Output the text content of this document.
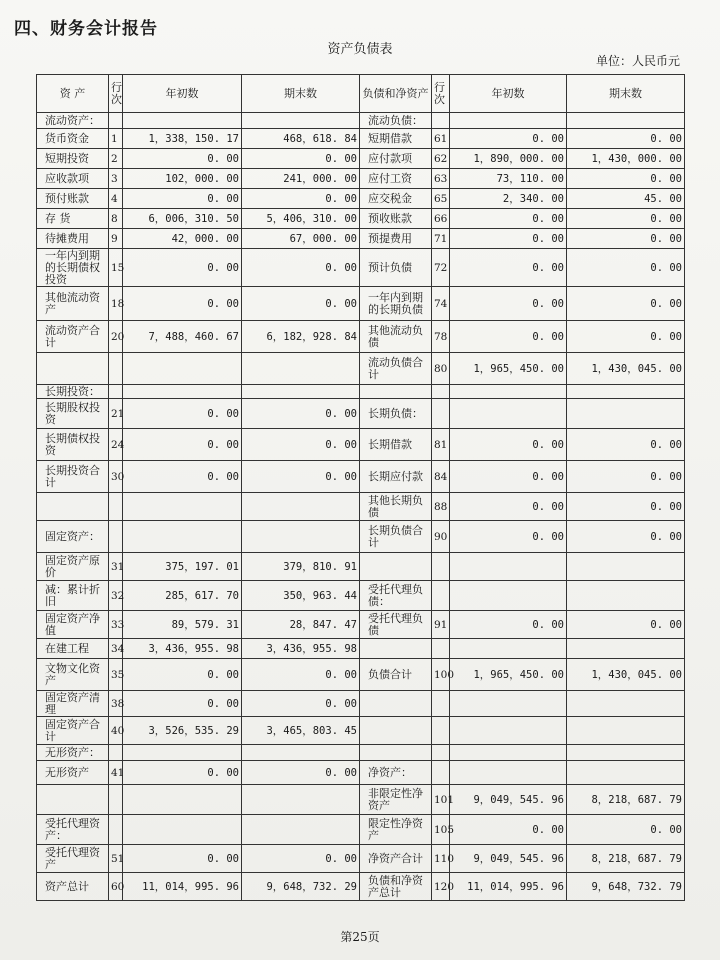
四、财务会计报告
资产负债表
单位：人民币元
资 产	行次	年初数	期末数	负债和净资产	行次	年初数	期末数
流动资产：				流动负债：			
货币资金	1	1，338，150. 17	468，618. 84	短期借款	61	0. 00	0. 00
短期投资	2	0. 00	0. 00	应付款项	62	1，890，000. 00	1，430，000. 00
应收款项	3	102，000. 00	241，000. 00	应付工资	63	73，110. 00	0. 00
预付账款	4	0. 00	0. 00	应交税金	65	2，340. 00	45. 00
存 货	8	6，006，310. 50	5，406，310. 00	预收账款	66	0. 00	0. 00
待摊费用	9	42，000. 00	67，000. 00	预提费用	71	0. 00	0. 00
一年内到期的长期债权投资	15	0. 00	0. 00	预计负债	72	0. 00	0. 00
其他流动资产	18	0. 00	0. 00	一年内到期的长期负债	74	0. 00	0. 00
流动资产合计	20	7，488，460. 67	6，182，928. 84	其他流动负债	78	0. 00	0. 00
				流动负债合计	80	1，965，450. 00	1，430，045. 00
长期投资：							
长期股权投资	21	0. 00	0. 00	长期负债：			
长期债权投资	24	0. 00	0. 00	长期借款	81	0. 00	0. 00
长期投资合计	30	0. 00	0. 00	长期应付款	84	0. 00	0. 00
				其他长期负债	88	0. 00	0. 00
固定资产：				长期负债合计	90	0. 00	0. 00
固定资产原价	31	375，197. 01	379，810. 91				
减：累计折旧	32	285，617. 70	350，963. 44	受托代理负债：			
固定资产净值	33	89，579. 31	28，847. 47	受托代理负债	91	0. 00	0. 00
在建工程	34	3，436，955. 98	3，436，955. 98				
文物文化资产	35	0. 00	0. 00	负债合计	100	1，965，450. 00	1，430，045. 00
固定资产清理	38	0. 00	0. 00				
固定资产合计	40	3，526，535. 29	3，465，803. 45				
无形资产：							
无形资产	41	0. 00	0. 00	净资产：			
				非限定性净资产	101	9，049，545. 96	8，218，687. 79
受托代理资产：				限定性净资产	105	0. 00	0. 00
受托代理资产	51	0. 00	0. 00	净资产合计	110	9，049，545. 96	8，218，687. 79
资产总计	60	11，014，995. 96	9，648，732. 29	负债和净资产总计	120	11，014，995. 96	9，648，732. 79
第25页
